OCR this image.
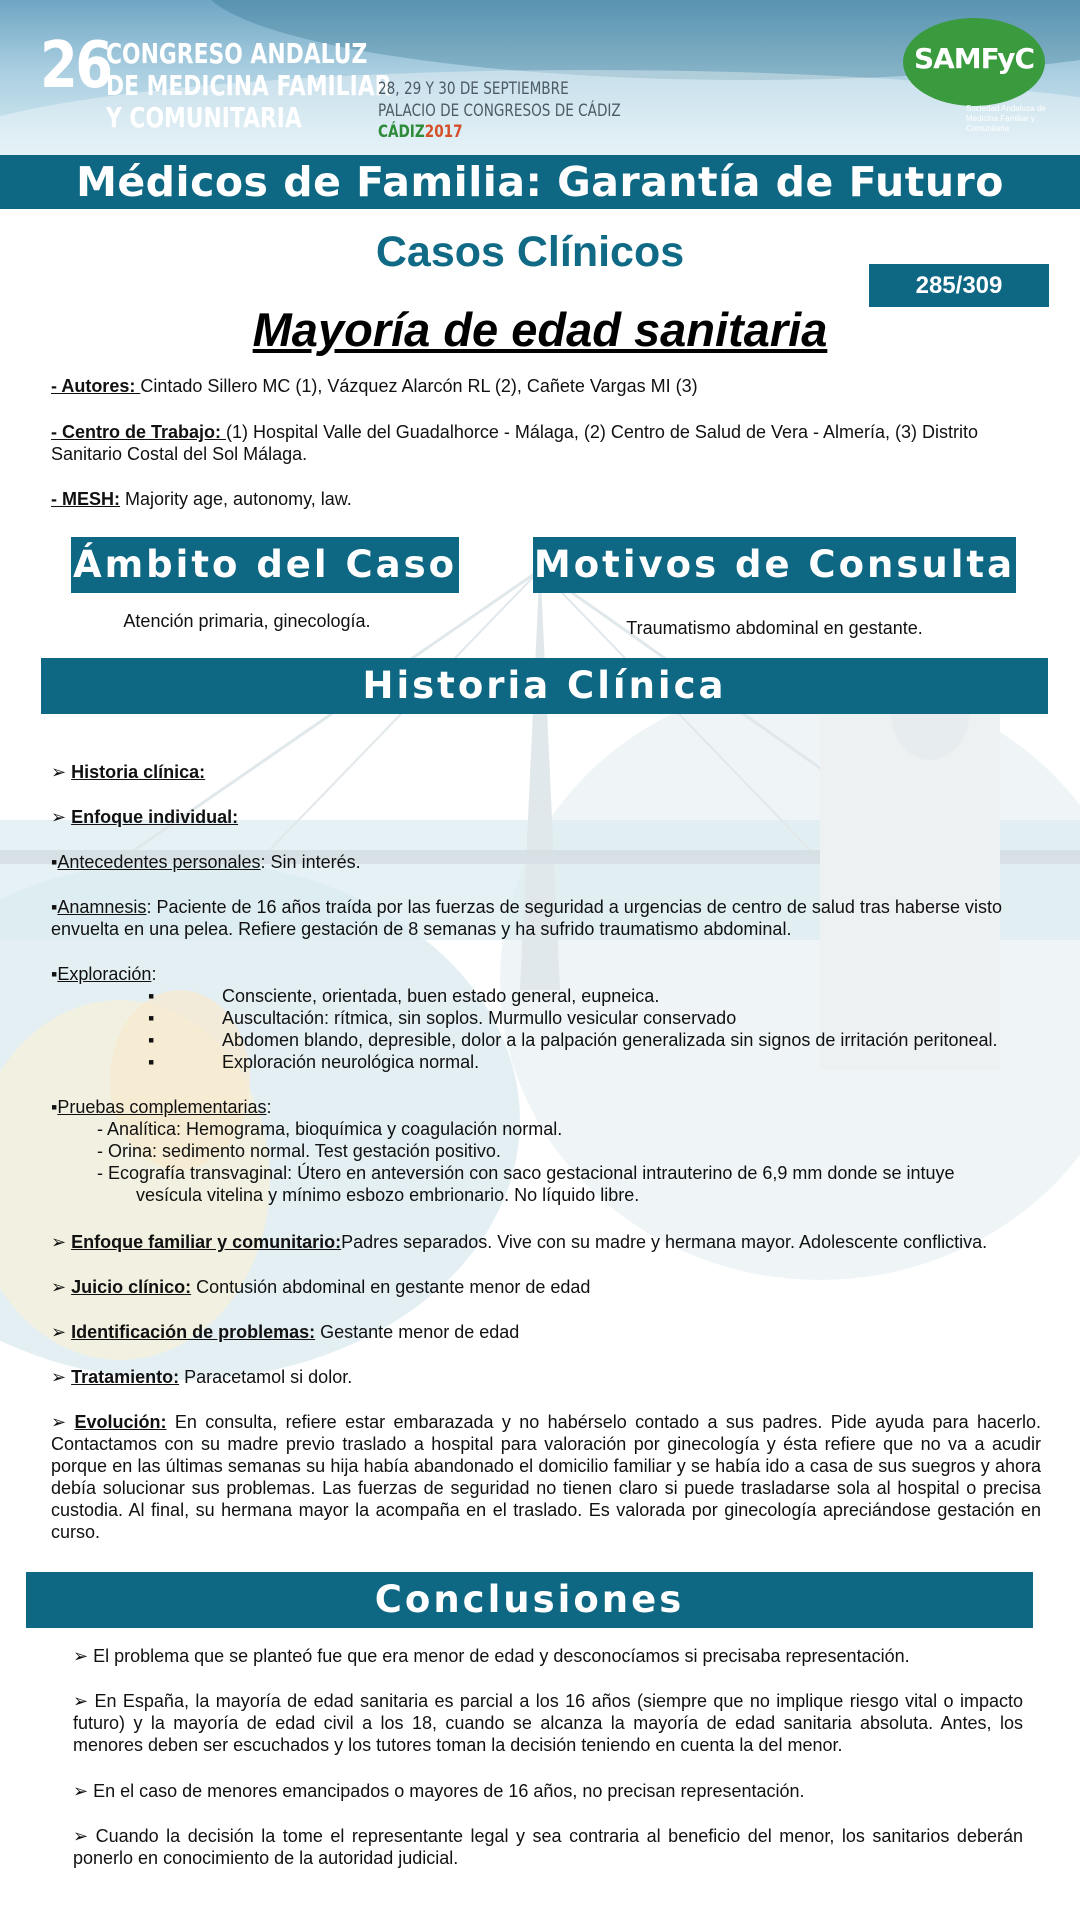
26
CONGRESO ANDALUZ
DE MEDICINA FAMILIAR
Y COMUNITARIA
28, 29 Y 30 DE SEPTIEMBRE
PALACIO DE CONGRESOS DE CÁDIZ
CÁDIZ2017
SAMFyC
Sociedad Andaluza de Medicina Familiar y Comunitaria
Médicos de Familia: Garantía de Futuro
Casos Clínicos
285/309
Mayoría de edad sanitaria
- Autores: Cintado Sillero MC (1), Vázquez Alarcón RL (2), Cañete Vargas MI (3)
- Centro de Trabajo: (1) Hospital Valle del Guadalhorce - Málaga, (2) Centro de Salud de Vera - Almería, (3) Distrito Sanitario Costal del Sol Málaga.
- MESH: Majority age, autonomy, law.
Ámbito del Caso
Atención primaria, ginecología.
Motivos de Consulta
Traumatismo abdominal en gestante.
Historia Clínica
➢ Historia clínica:
➢ Enfoque individual:
▪Antecedentes personales: Sin interés.
▪Anamnesis: Paciente de 16 años traída por las fuerzas de seguridad a urgencias de centro de salud tras haberse visto envuelta en una pelea. Refiere gestación de 8 semanas y ha sufrido traumatismo abdominal.
▪Exploración:
▪	Consciente, orientada, buen estado general, eupneica.
▪	Auscultación: rítmica, sin soplos. Murmullo vesicular conservado
▪	Abdomen blando, depresible, dolor a la palpación generalizada sin signos de irritación peritoneal.
▪	Exploración neurológica normal.
▪Pruebas complementarias:
- Analítica: Hemograma, bioquímica y coagulación normal.
- Orina: sedimento normal. Test gestación positivo.
- Ecografía transvaginal: Útero en anteversión con saco gestacional intrauterino de 6,9 mm donde se intuye
vesícula vitelina y mínimo esbozo embrionario. No líquido libre.
➢ Enfoque familiar y comunitario:Padres separados. Vive con su madre y hermana mayor. Adolescente conflictiva.
➢ Juicio clínico: Contusión abdominal en gestante menor de edad
➢ Identificación de problemas: Gestante menor de edad
➢ Tratamiento: Paracetamol si dolor.
➢ Evolución: En consulta, refiere estar embarazada y no habérselo contado a sus padres. Pide ayuda para hacerlo. Contactamos con su madre previo traslado a hospital para valoración por ginecología y ésta refiere que no va a acudir porque en las últimas semanas su hija había abandonado el domicilio familiar y se había ido a casa de sus suegros y ahora debía solucionar sus problemas. Las fuerzas de seguridad no tienen claro si puede trasladarse sola al hospital o precisa custodia. Al final, su hermana mayor la acompaña en el traslado. Es valorada por ginecología apreciándose gestación en curso.
Conclusiones
➢ El problema que se planteó fue que era menor de edad y desconocíamos si precisaba representación.
➢ En España, la mayoría de edad sanitaria es parcial a los 16 años (siempre que no implique riesgo vital o impacto futuro) y la mayoría de edad civil a los 18, cuando se alcanza la mayoría de edad sanitaria absoluta. Antes, los menores deben ser escuchados y los tutores toman la decisión teniendo en cuenta la del menor.
➢ En el caso de menores emancipados o mayores de 16 años, no precisan representación.
➢ Cuando la decisión la tome el representante legal y sea contraria al beneficio del menor, los sanitarios deberán ponerlo en conocimiento de la autoridad judicial.
